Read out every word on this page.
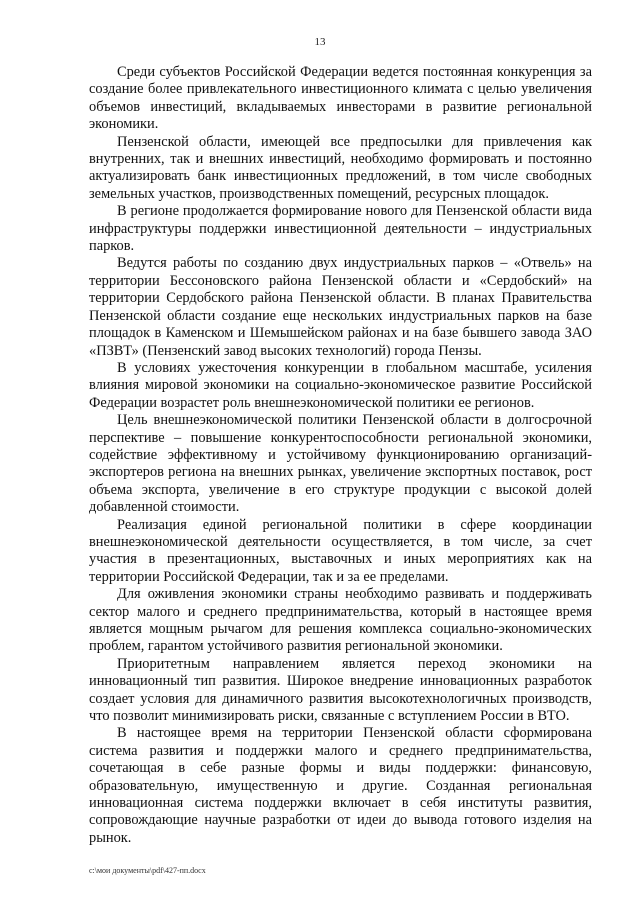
13

Среди субъектов Российской Федерации ведется постоянная конкуренция за создание более привлекательного инвестиционного климата с целью увеличения объемов инвестиций, вкладываемых инвесторами в развитие региональной экономики.

Пензенской области, имеющей все предпосылки для привлечения как внутренних, так и внешних инвестиций, необходимо формировать и постоянно актуализировать банк инвестиционных предложений, в том числе свободных земельных участков, производственных помещений, ресурсных площадок.

В регионе продолжается формирование нового для Пензенской области вида инфраструктуры поддержки инвестиционной деятельности – индустриальных парков.

Ведутся работы по созданию двух индустриальных парков – «Отвель» на территории Бессоновского района Пензенской области и «Сердобский» на территории Сердобского района Пензенской области. В планах Правительства Пензенской области создание еще нескольких индустриальных парков на базе площадок в Каменском и Шемышейском районах и на базе бывшего завода ЗАО «ПЗВТ» (Пензенский завод высоких технологий) города Пензы.

В условиях ужесточения конкуренции в глобальном масштабе, усиления влияния мировой экономики на социально-экономическое развитие Российской Федерации возрастет роль внешнеэкономической политики ее регионов.

Цель внешнеэкономической политики Пензенской области в долгосрочной перспективе – повышение конкурентоспособности региональной экономики, содействие эффективному и устойчивому функционированию организаций-экспортеров региона на внешних рынках, увеличение экспортных поставок, рост объема экспорта, увеличение в его структуре продукции с высокой долей добавленной стоимости.

Реализация единой региональной политики в сфере координации внешнеэкономической деятельности осуществляется, в том числе, за счет участия в презентационных, выставочных и иных мероприятиях как на территории Российской Федерации, так и за ее пределами.

Для оживления экономики страны необходимо развивать и поддерживать сектор малого и среднего предпринимательства, который в настоящее время является мощным рычагом для решения комплекса социально-экономических проблем, гарантом устойчивого развития региональной экономики.

Приоритетным направлением является переход экономики на инновационный тип развития. Широкое внедрение инновационных разработок создает условия для динамичного развития высокотехнологичных производств, что позволит минимизировать риски, связанные с вступлением России в ВТО.

В настоящее время на территории Пензенской области сформирована система развития и поддержки малого и среднего предпринимательства, сочетающая в себе разные формы и виды поддержки: финансовую, образовательную, имущественную и другие. Созданная региональная инновационная система поддержки включает в себя институты развития, сопровождающие научные разработки от идеи до вывода готового изделия на рынок.

c:\мои документы\pdf\427-пп.docx
